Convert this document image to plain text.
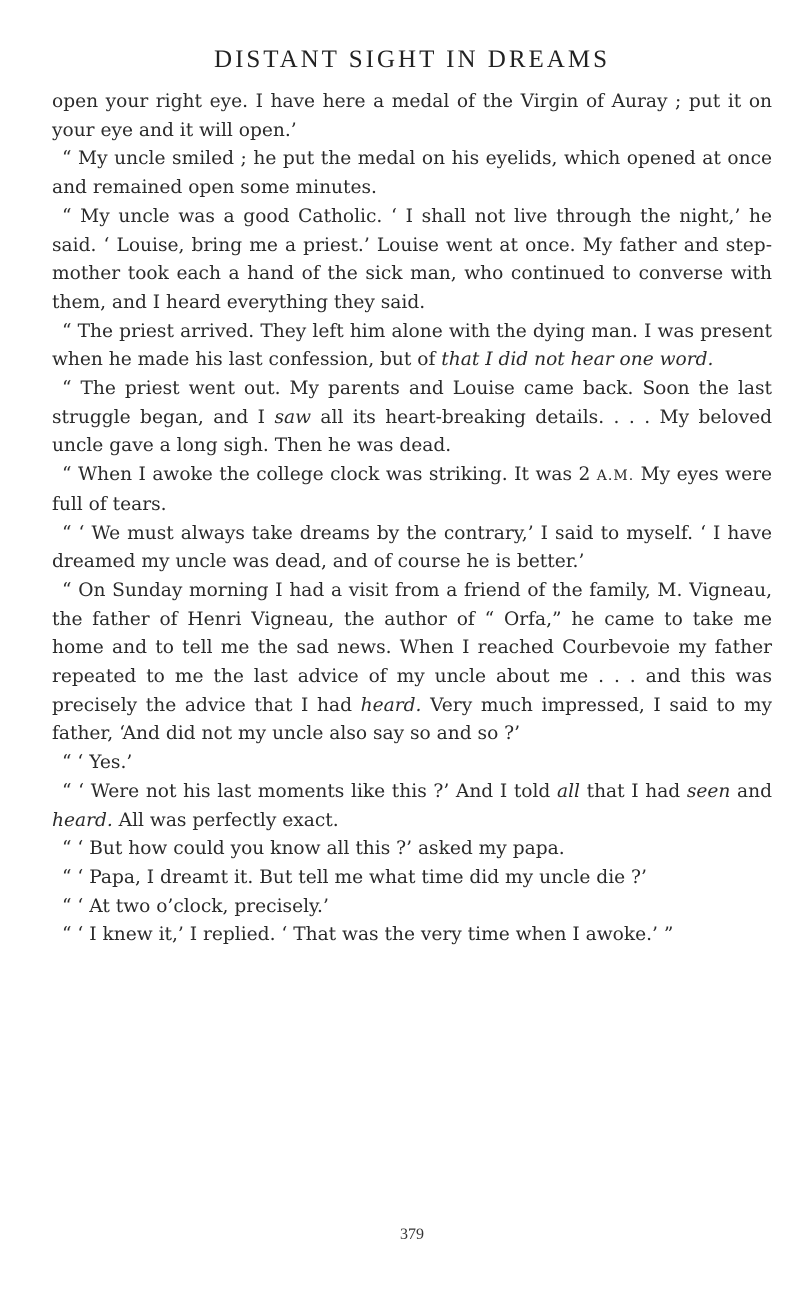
DISTANT SIGHT IN DREAMS

open your right eye. I have here a medal of the Virgin of Auray ; put it on your eye and it will open.’

“ My uncle smiled ; he put the medal on his eyelids, which opened at once and remained open some minutes.

“ My uncle was a good Catholic. ‘ I shall not live through the night,’ he said. ‘ Louise, bring me a priest.’ Louise went at once. My father and step-mother took each a hand of the sick man, who continued to converse with them, and I heard everything they said.

“ The priest arrived. They left him alone with the dying man. I was present when he made his last confession, but of that I did not hear one word.

“ The priest went out. My parents and Louise came back. Soon the last struggle began, and I saw all its heart-breaking details. . . . My beloved uncle gave a long sigh. Then he was dead.

“ When I awoke the college clock was striking. It was 2 A.M. My eyes were full of tears.

“ ‘ We must always take dreams by the contrary,’ I said to myself. ‘ I have dreamed my uncle was dead, and of course he is better.’

“ On Sunday morning I had a visit from a friend of the family, M. Vigneau, the father of Henri Vigneau, the author of “ Orfa,” he came to take me home and to tell me the sad news. When I reached Courbevoie my father repeated to me the last advice of my uncle about me . . . and this was precisely the advice that I had heard. Very much impressed, I said to my father, ‘And did not my uncle also say so and so ?’

“ ‘ Yes.’

“ ‘ Were not his last moments like this ?’ And I told all that I had seen and heard. All was perfectly exact.

“ ‘ But how could you know all this ?’ asked my papa.

“ ‘ Papa, I dreamt it. But tell me what time did my uncle die ?’

“ ‘ At two o’clock, precisely.’

“ ‘ I knew it,’ I replied. ‘ That was the very time when I awoke.’ ”

379
